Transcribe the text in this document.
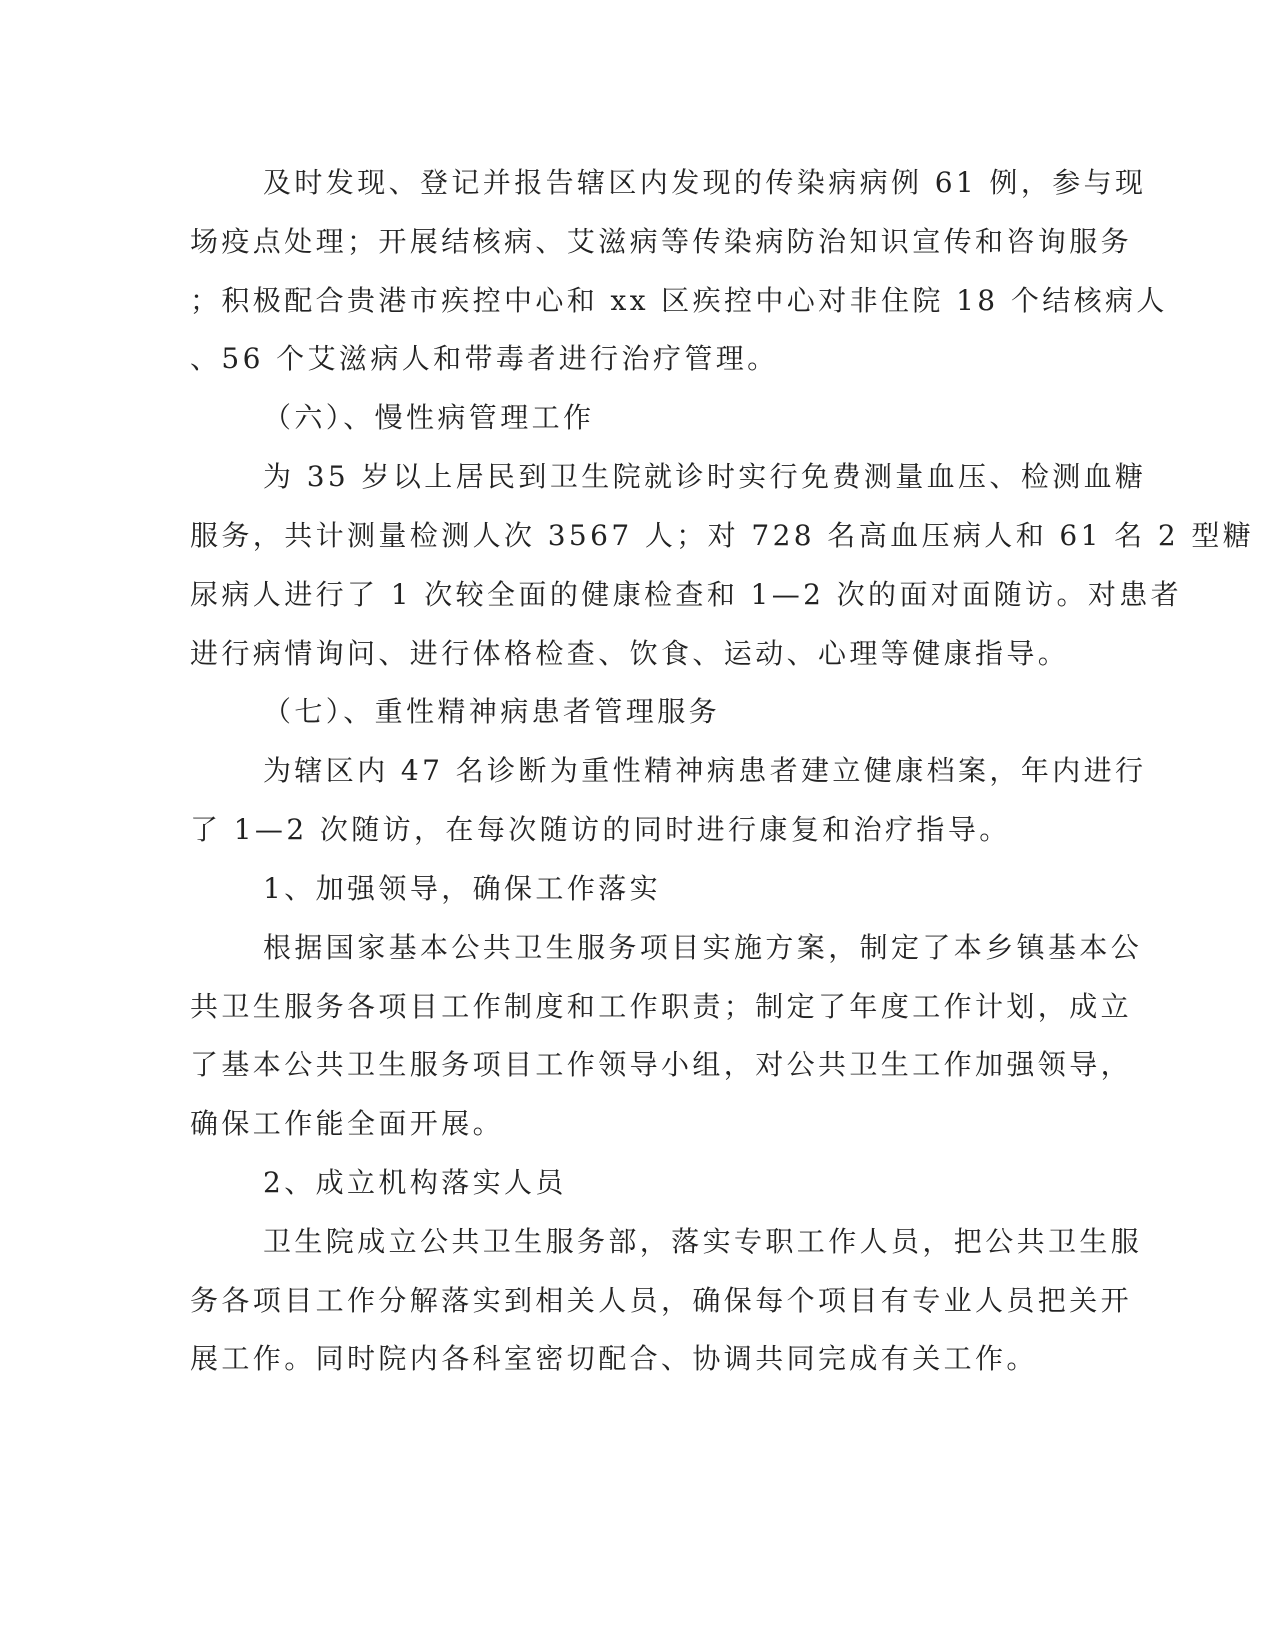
及时发现、登记并报告辖区内发现的传染病病例 61 例，参与现
场疫点处理；开展结核病、艾滋病等传染病防治知识宣传和咨询服务
；积极配合贵港市疾控中心和 xx 区疾控中心对非住院 18 个结核病人
、56 个艾滋病人和带毒者进行治疗管理。
（六）、慢性病管理工作
为 35 岁以上居民到卫生院就诊时实行免费测量血压、检测血糖
服务，共计测量检测人次 3567 人；对 728 名高血压病人和 61 名 2 型糖
尿病人进行了 1 次较全面的健康检查和 1—2 次的面对面随访。对患者
进行病情询问、进行体格检查、饮食、运动、心理等健康指导。
（七）、重性精神病患者管理服务
为辖区内 47 名诊断为重性精神病患者建立健康档案，年内进行
了 1—2 次随访，在每次随访的同时进行康复和治疗指导。
1、加强领导，确保工作落实
根据国家基本公共卫生服务项目实施方案，制定了本乡镇基本公
共卫生服务各项目工作制度和工作职责；制定了年度工作计划，成立
了基本公共卫生服务项目工作领导小组，对公共卫生工作加强领导，
确保工作能全面开展。
2、成立机构落实人员
卫生院成立公共卫生服务部，落实专职工作人员，把公共卫生服
务各项目工作分解落实到相关人员，确保每个项目有专业人员把关开
展工作。同时院内各科室密切配合、协调共同完成有关工作。
